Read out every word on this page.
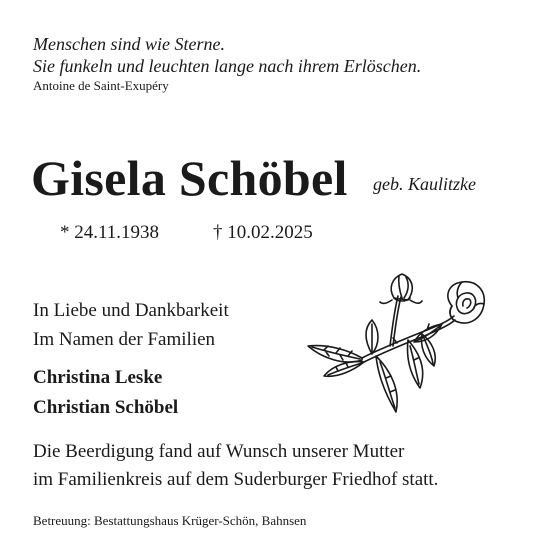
Menschen sind wie Sterne.
Sie funkeln und leuchten lange nach ihrem Erlöschen.
Antoine de Saint-Exupéry
Gisela Schöbel geb. Kaulitzke
* 24.11.1938	† 10.02.2025
In Liebe und Dankbarkeit
Im Namen der Familien
Christina Leske
Christian Schöbel
Die Beerdigung fand auf Wunsch unserer Mutter
im Familienkreis auf dem Suderburger Friedhof statt.
Betreuung: Bestattungshaus Krüger-Schön, Bahnsen
